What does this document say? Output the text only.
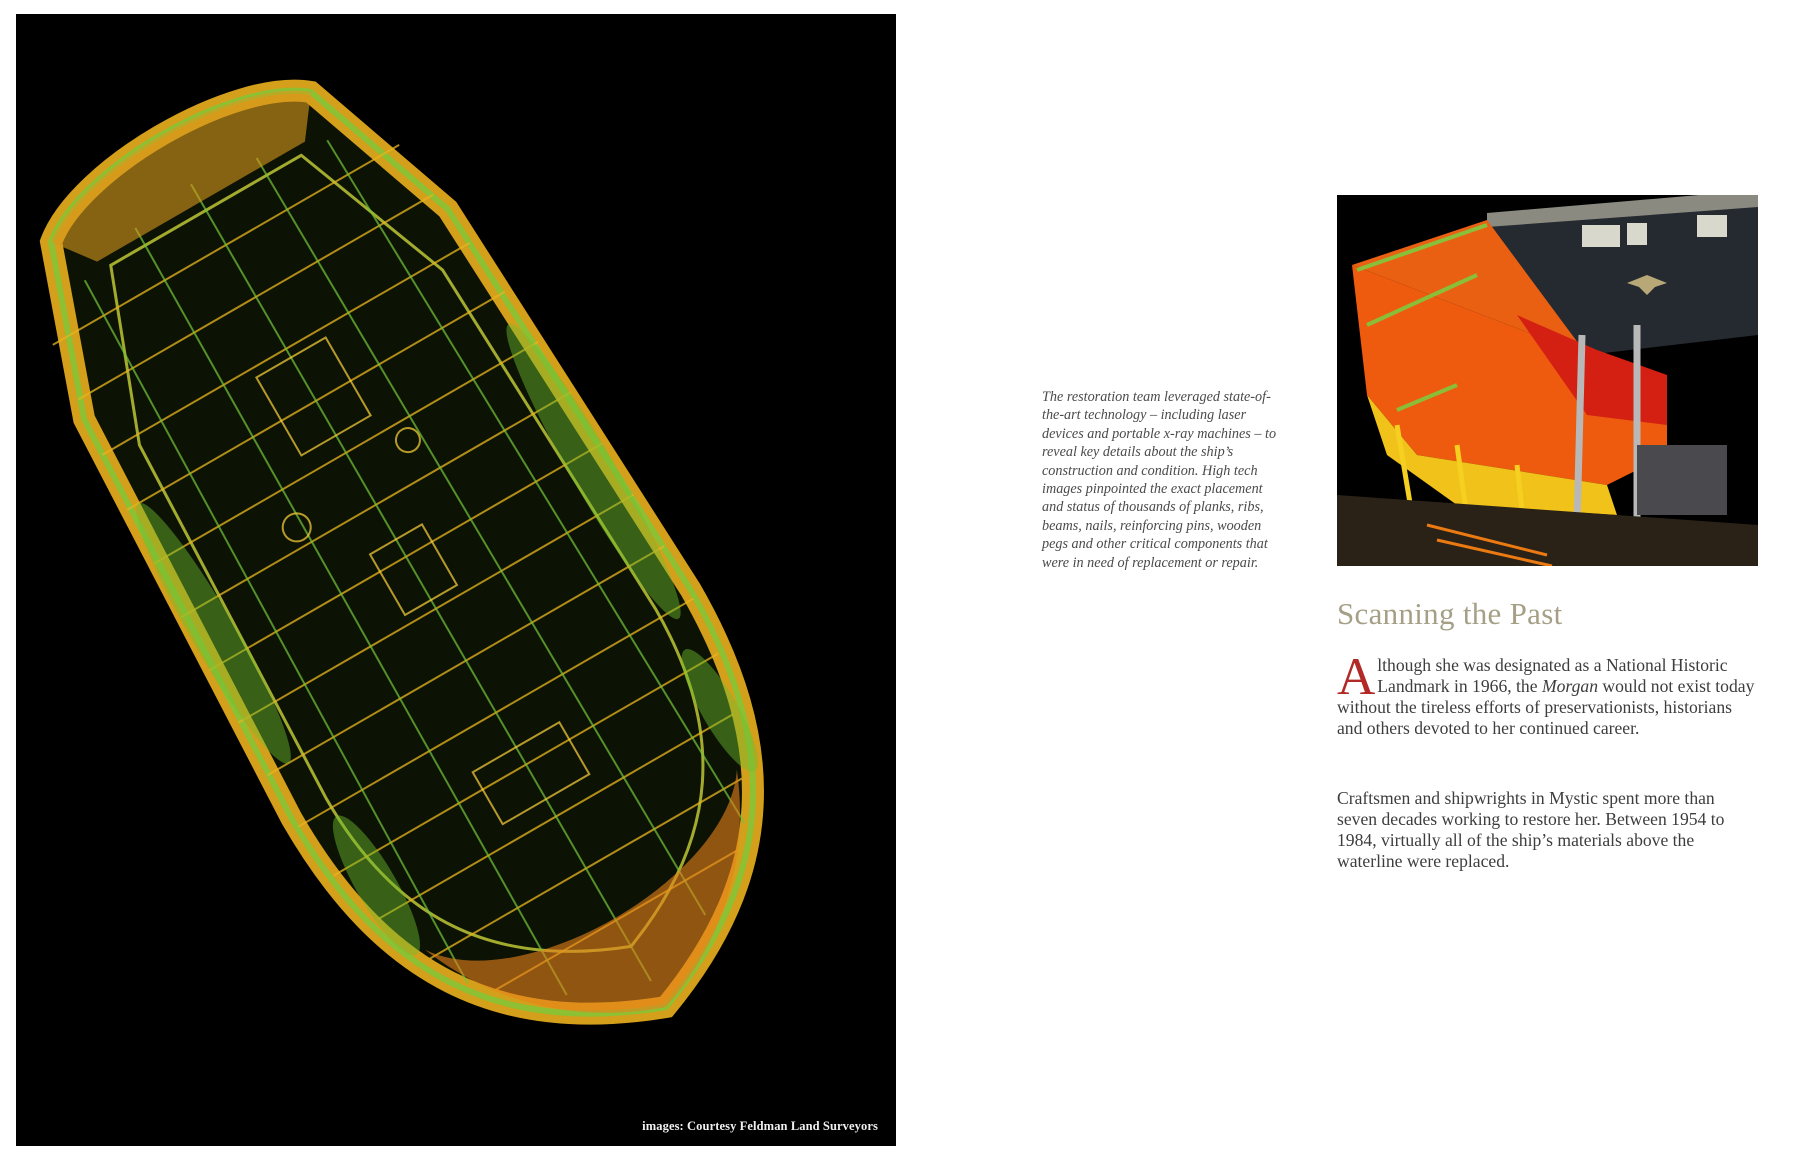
images: Courtesy Feldman Land Surveyors
The restoration team leveraged state-of-the-art technology – including laser devices and portable x-ray machines – to reveal key details about the ship’s construction and condition. High tech images pinpointed the exact placement and status of thousands of planks, ribs, beams, nails, reinforcing pins, wooden pegs and other critical components that were in need of replacement or repair.
Scanning the Past
Although she was designated as a National Historic Landmark in 1966, the Morgan would not exist today without the tireless efforts of preservationists, historians and others devoted to her continued career.
Craftsmen and shipwrights in Mystic spent more than seven decades working to restore her. Between 1954 to 1984, virtually all of the ship’s materials above the waterline were replaced.
